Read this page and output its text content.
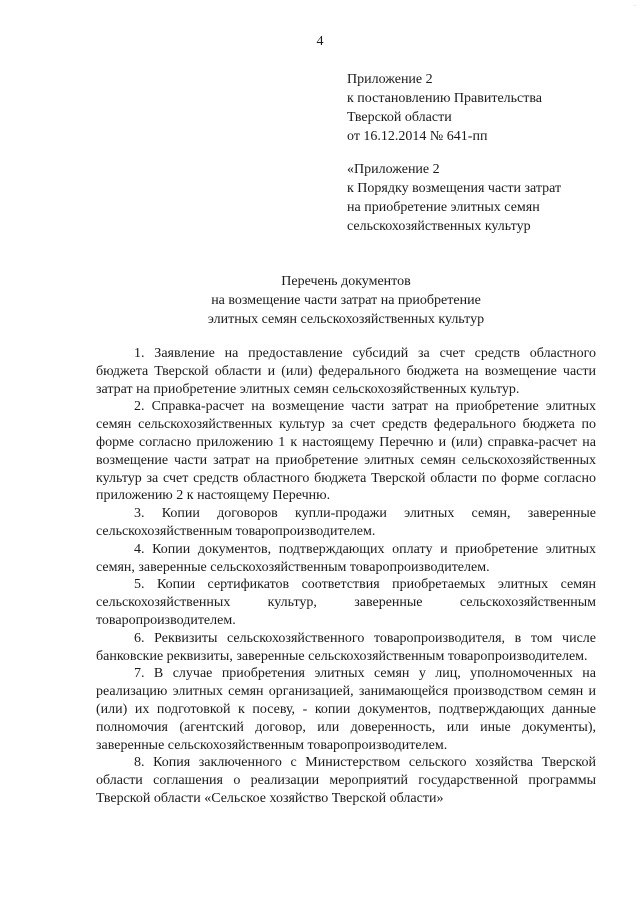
·
4
Приложение 2
к постановлению Правительства
Тверской области
от 16.12.2014 № 641-пп
«Приложение 2
к Порядку возмещения части затрат
на приобретение элитных семян
сельскохозяйственных культур
Перечень документов
на возмещение части затрат на приобретение
элитных семян сельскохозяйственных культур

1. Заявление на предоставление субсидий за счет средств областного бюджета Тверской области и (или) федерального бюджета на возмещение части затрат на приобретение элитных семян сельскохозяйственных культур.

2. Справка-расчет на возмещение части затрат на приобретение элитных семян сельскохозяйственных культур за счет средств федерального бюджета по форме согласно приложению 1 к настоящему Перечню и (или) справка-расчет на возмещение части затрат на приобретение элитных семян сельскохозяйственных культур за счет средств областного бюджета Тверской области по форме согласно приложению 2 к настоящему Перечню.

3. Копии договоров купли-продажи элитных семян, заверенные сельскохозяйственным товаропроизводителем.

4. Копии документов, подтверждающих оплату и приобретение элитных семян, заверенные сельскохозяйственным товаропроизводителем.

5. Копии сертификатов соответствия приобретаемых элитных семян сельскохозяйственных культур, заверенные сельскохозяйственным товаропроизводителем.

6. Реквизиты сельскохозяйственного товаропроизводителя, в том числе банковские реквизиты, заверенные сельскохозяйственным товаропроизводителем.

7. В случае приобретения элитных семян у лиц, уполномоченных на реализацию элитных семян организацией, занимающейся производством семян и (или) их подготовкой к посеву, - копии документов, подтверждающих данные полномочия (агентский договор, или доверенность, или иные документы), заверенные сельскохозяйственным товаропроизводителем.

8. Копия заключенного с Министерством сельского хозяйства Тверской области соглашения о реализации мероприятий государственной программы Тверской области «Сельское хозяйство Тверской области»
